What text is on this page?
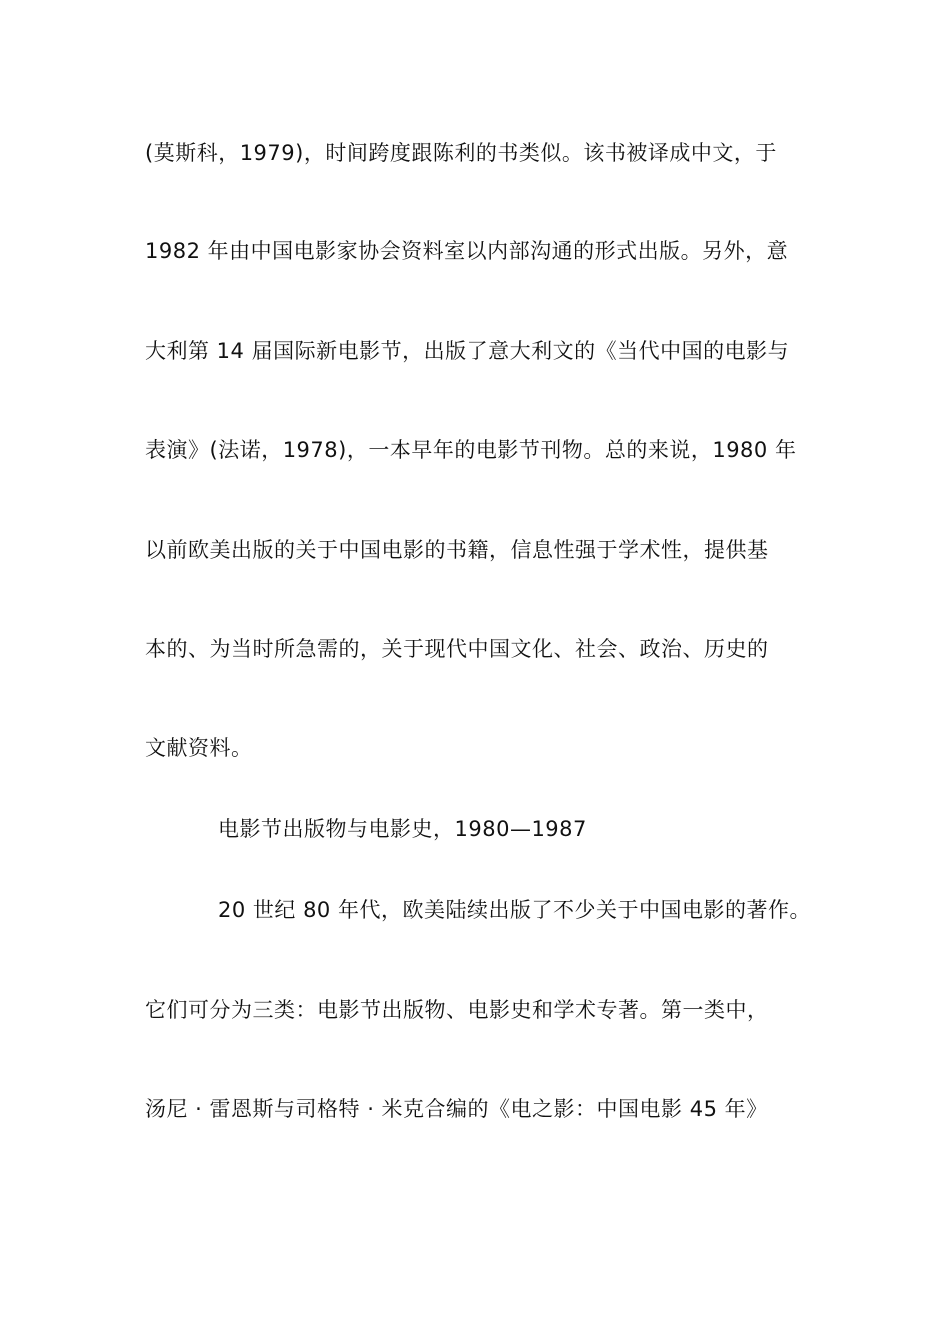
(莫斯科，1979)，时间跨度跟陈利的书类似。该书被译成中文，于
1982 年由中国电影家协会资料室以内部沟通的形式出版。另外，意
大利第 14 届国际新电影节，出版了意大利文的《当代中国的电影与
表演》(法诺，1978)，一本早年的电影节刊物。总的来说，1980 年
以前欧美出版的关于中国电影的书籍，信息性强于学术性，提供基
本的、为当时所急需的，关于现代中国文化、社会、政治、历史的
文献资料。
电影节出版物与电影史，1980—1987
20 世纪 80 年代，欧美陆续出版了不少关于中国电影的著作。
它们可分为三类：电影节出版物、电影史和学术专著。第一类中，
汤尼 · 雷恩斯与司格特 · 米克合编的《电之影：中国电影 45 年》
